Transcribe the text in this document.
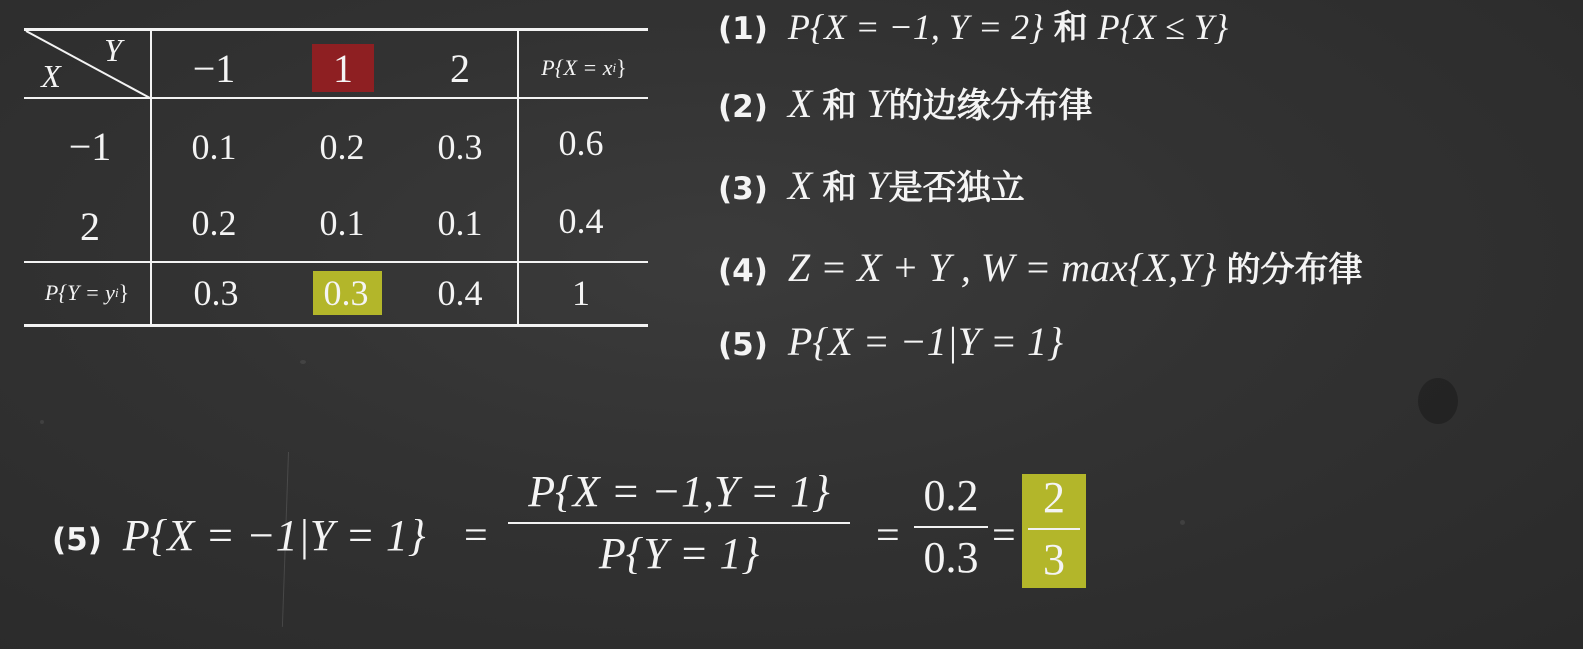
Y
X	−1	1	2	P{X = x i }
−1	0.1	0.2	0.3	0.6
2	0.2	0.1	0.1	0.4
P{Y = y i }	0.3	0.3	0.4	1
(1) P{X = −1, Y = 2} 和 P{X ≤ Y}
(2) X 和 Y的边缘分布律
(3) X 和 Y是否独立
(4) Z = X + Y , W = max{X,Y} 的分布律
(5) P{X = −1|Y = 1}
(5) P{X = −1|Y = 1} =
P{X = −1,Y = 1}
P{Y = 1}	=
0.2
0.3 =
2
3
